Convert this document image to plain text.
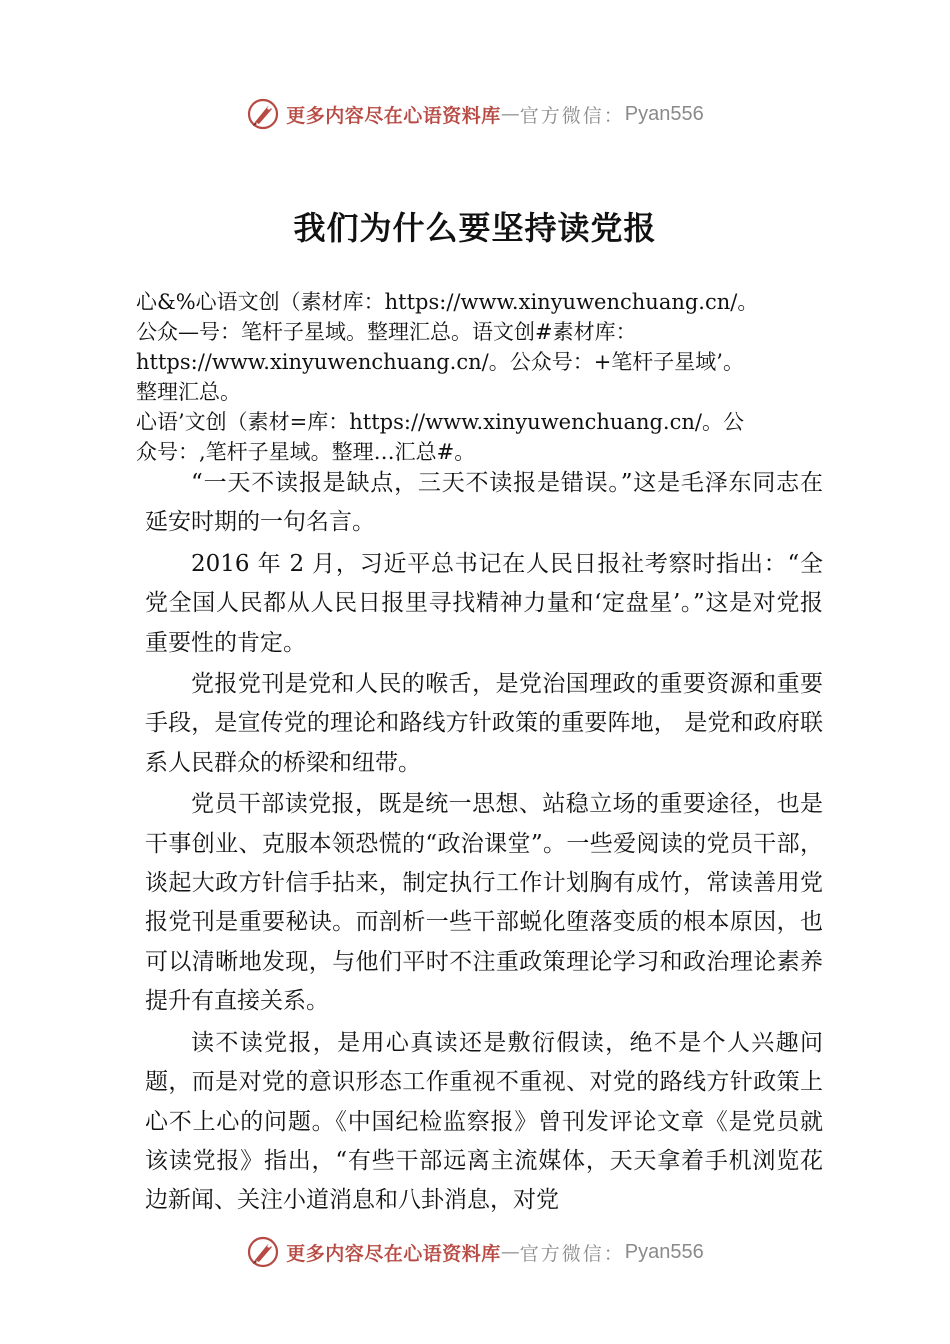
更多内容尽在心语资料库 — 官方微信： Pyan556
我们为什么要坚持读党报

心&%心语文创（素材库：https://www.xinyuwenchuang.cn/。

公众—号：笔杆子星域。整理汇总。语文创#素材库：

https://www.xinyuwenchuang.cn/。公众号：+笔杆子星域’。

整理汇总。

心语’文创（素材=库：https://www.xinyuwenchuang.cn/。公

众号：,笔杆子星域。整理…汇总#。

“一天不读报是缺点，三天不读报是错误。”这是毛泽东同志在延安时期的一句名言。

2016 年 2 月，习近平总书记在人民日报社考察时指出：“全党全国人民都从人民日报里寻找精神力量和‘定盘星’。”这是对党报重要性的肯定。

党报党刊是党和人民的喉舌，是党治国理政的重要资源和重要手段，是宣传党的理论和路线方针政策的重要阵地， 是党和政府联系人民群众的桥梁和纽带。

党员干部读党报，既是统一思想、站稳立场的重要途径，也是干事创业、克服本领恐慌的“政治课堂”。一些爱阅读的党员干部，谈起大政方针信手拈来，制定执行工作计划胸有成竹，常读善用党报党刊是重要秘诀。而剖析一些干部蜕化堕落变质的根本原因，也可以清晰地发现，与他们平时不注重政策理论学习和政治理论素养提升有直接关系。

读不读党报，是用心真读还是敷衍假读，绝不是个人兴趣问题，而是对党的意识形态工作重视不重视、对党的路线方针政策上心不上心的问题。《中国纪检监察报》曾刊发评论文章《是党员就该读党报》指出，“有些干部远离主流媒体，天天拿着手机浏览花边新闻、关注小道消息和八卦消息，对党

更多内容尽在心语资料库 — 官方微信： Pyan556
